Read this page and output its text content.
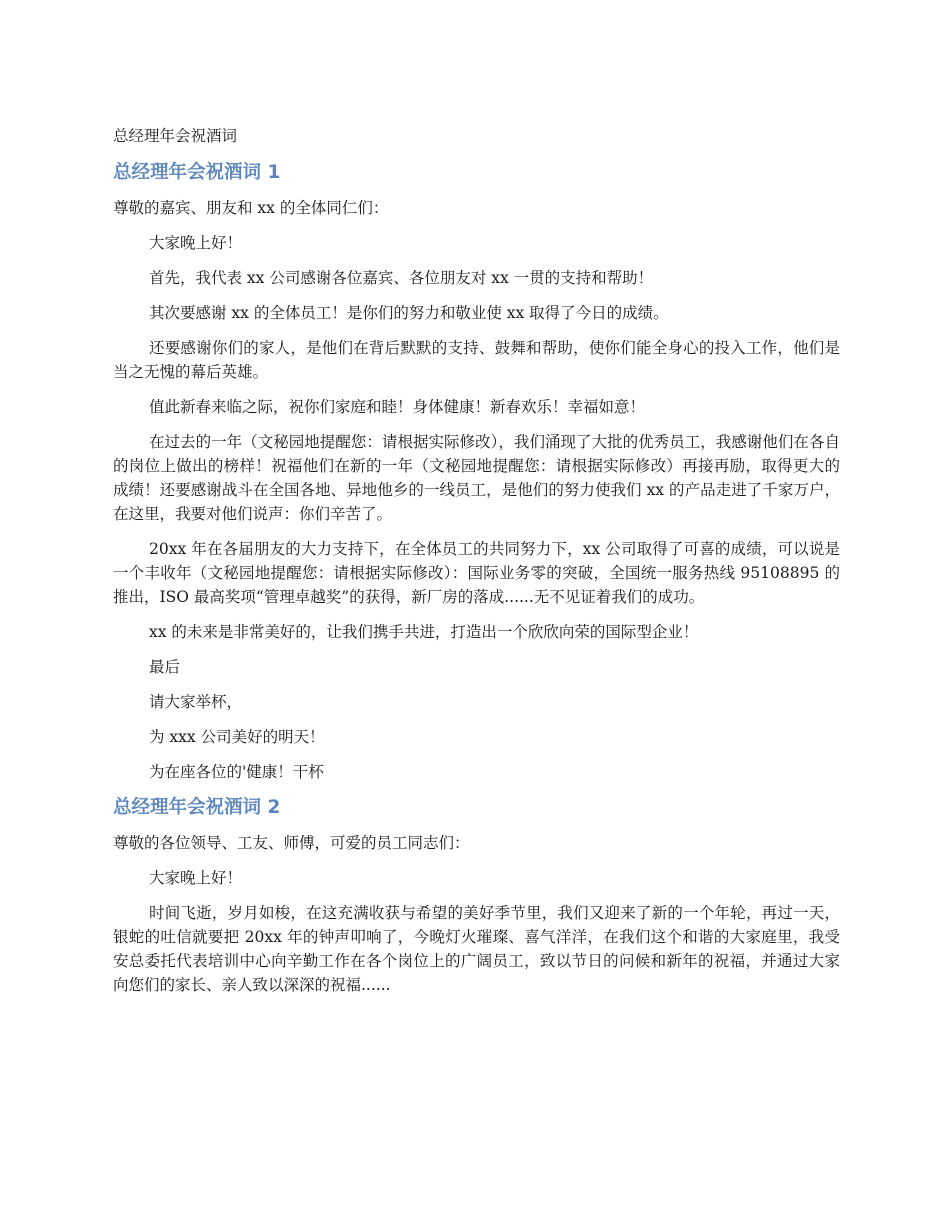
总经理年会祝酒词
总经理年会祝酒词 1

尊敬的嘉宾、朋友和 xx 的全体同仁们：

大家晚上好！

首先，我代表 xx 公司感谢各位嘉宾、各位朋友对 xx 一贯的支持和帮助！

其次要感谢 xx 的全体员工！是你们的努力和敬业使 xx 取得了今日的成绩。

还要感谢你们的家人，是他们在背后默默的支持、鼓舞和帮助，使你们能全身心的投入工作，他们是当之无愧的幕后英雄。

值此新春来临之际，祝你们家庭和睦！身体健康！新春欢乐！幸福如意！

在过去的一年（文秘园地提醒您：请根据实际修改），我们涌现了大批的优秀员工，我感谢他们在各自的岗位上做出的榜样！祝福他们在新的一年（文秘园地提醒您：请根据实际修改）再接再励，取得更大的成绩！还要感谢战斗在全国各地、异地他乡的一线员工，是他们的努力使我们 xx 的产品走进了千家万户，在这里，我要对他们说声：你们辛苦了。

20xx 年在各届朋友的大力支持下，在全体员工的共同努力下，xx 公司取得了可喜的成绩，可以说是一个丰收年（文秘园地提醒您：请根据实际修改）：国际业务零的突破，全国统一服务热线 95108895 的推出，ISO 最高奖项“管理卓越奖”的获得，新厂房的落成......无不见证着我们的成功。

xx 的未来是非常美好的，让我们携手共进，打造出一个欣欣向荣的国际型企业！

最后

请大家举杯，

为 xxx 公司美好的明天！

为在座各位的'健康！干杯

总经理年会祝酒词 2

尊敬的各位领导、工友、师傅，可爱的员工同志们：

大家晚上好！

时间飞逝，岁月如梭，在这充满收获与希望的美好季节里，我们又迎来了新的一个年轮，再过一天，银蛇的吐信就要把 20xx 年的钟声叩响了，今晚灯火璀璨、喜气洋洋，在我们这个和谐的大家庭里，我受安总委托代表培训中心向辛勤工作在各个岗位上的广阔员工，致以节日的问候和新年的祝福，并通过大家向您们的家长、亲人致以深深的祝福......
